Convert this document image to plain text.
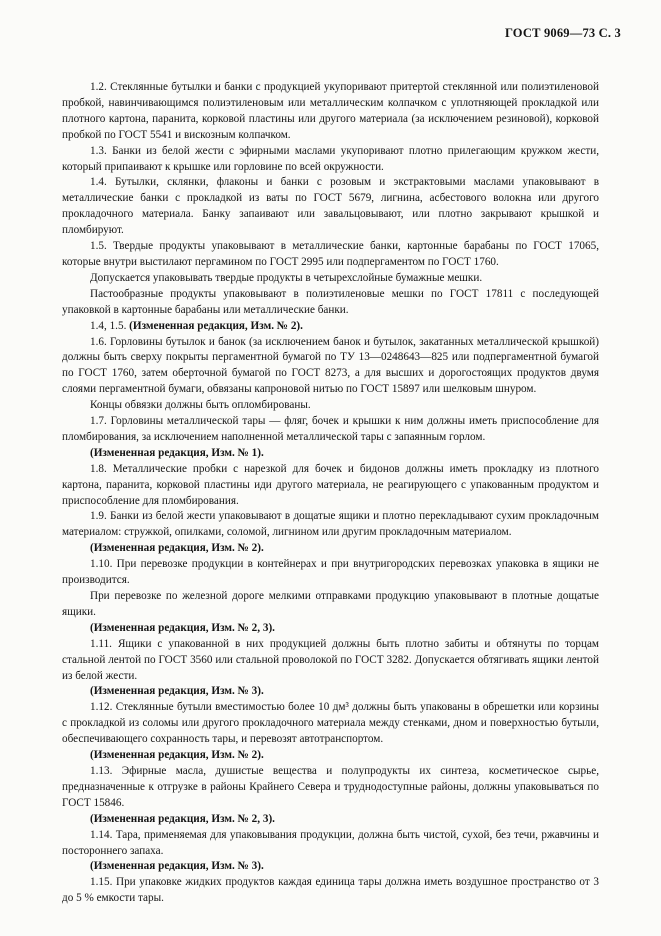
ГОСТ 9069—73 С. 3

1.2. Стеклянные бутылки и банки с продукцией укупоривают притертой стеклянной или полиэтиленовой пробкой, навинчивающимся полиэтиленовым или металлическим колпачком с уплотняющей прокладкой или плотного картона, паранита, корковой пластины или другого материала (за исключением резиновой), корковой пробкой по ГОСТ 5541 и вискозным колпачком.

1.3. Банки из белой жести с эфирными маслами укупоривают плотно прилегающим кружком жести, который припаивают к крышке или горловине по всей окружности.

1.4. Бутылки, склянки, флаконы и банки с розовым и экстрактовыми маслами упаковывают в металлические банки с прокладкой из ваты по ГОСТ 5679, лигнина, асбестового волокна или другого прокладочного материала. Банку запаивают или завальцовывают, или плотно закрывают крышкой и пломбируют.

1.5. Твердые продукты упаковывают в металлические банки, картонные барабаны по ГОСТ 17065, которые внутри выстилают пергамином по ГОСТ 2995 или подпергаментом по ГОСТ 1760.

Допускается упаковывать твердые продукты в четырехслойные бумажные мешки.

Пастообразные продукты упаковывают в полиэтиленовые мешки по ГОСТ 17811 с последующей упаковкой в картонные барабаны или металлические банки.

1.4, 1.5. (Измененная редакция, Изм. № 2).

1.6. Горловины бутылок и банок (за исключением банок и бутылок, закатанных металлической крышкой) должны быть сверху покрыты пергаментной бумагой по ТУ 13—0248643—825 или подпергаментной бумагой по ГОСТ 1760, затем оберточной бумагой по ГОСТ 8273, а для высших и дорогостоящих продуктов двумя слоями пергаментной бумаги, обвязаны капроновой нитью по ГОСТ 15897 или шелковым шнуром.

Концы обвязки должны быть опломбированы.

1.7. Горловины металлической тары — фляг, бочек и крышки к ним должны иметь приспособление для пломбирования, за исключением наполненной металлической тары с запаянным горлом.

(Измененная редакция, Изм. № 1).

1.8. Металлические пробки с нарезкой для бочек и бидонов должны иметь прокладку из плотного картона, паранита, корковой пластины иди другого материала, не реагирующего с упакованным продуктом и приспособление для пломбирования.

1.9. Банки из белой жести упаковывают в дощатые ящики и плотно перекладывают сухим прокладочным материалом: стружкой, опилками, соломой, лигнином или другим прокладочным материалом.

(Измененная редакция, Изм. № 2).

1.10. При перевозке продукции в контейнерах и при внутригородских перевозках упаковка в ящики не производится.

При перевозке по железной дороге мелкими отправками продукцию упаковывают в плотные дощатые ящики.

(Измененная редакция, Изм. № 2, 3).

1.11. Ящики с упакованной в них продукцией должны быть плотно забиты и обтянуты по торцам стальной лентой по ГОСТ 3560 или стальной проволокой по ГОСТ 3282. Допускается обтягивать ящики лентой из белой жести.

(Измененная редакция, Изм. № 3).

1.12. Стеклянные бутыли вместимостью более 10 дм³ должны быть упакованы в обрешетки или корзины с прокладкой из соломы или другого прокладочного материала между стенками, дном и поверхностью бутыли, обеспечивающего сохранность тары, и перевозят автотранспортом.

(Измененная редакция, Изм. № 2).

1.13. Эфирные масла, душистые вещества и полупродукты их синтеза, косметическое сырье, предназначенные к отгрузке в районы Крайнего Севера и труднодоступные районы, должны упаковываться по ГОСТ 15846.

(Измененная редакция, Изм. № 2, 3).

1.14. Тара, применяемая для упаковывания продукции, должна быть чистой, сухой, без течи, ржавчины и постороннего запаха.

(Измененная редакция, Изм. № 3).

1.15. При упаковке жидких продуктов каждая единица тары должна иметь воздушное пространство от 3 до 5 % емкости тары.
